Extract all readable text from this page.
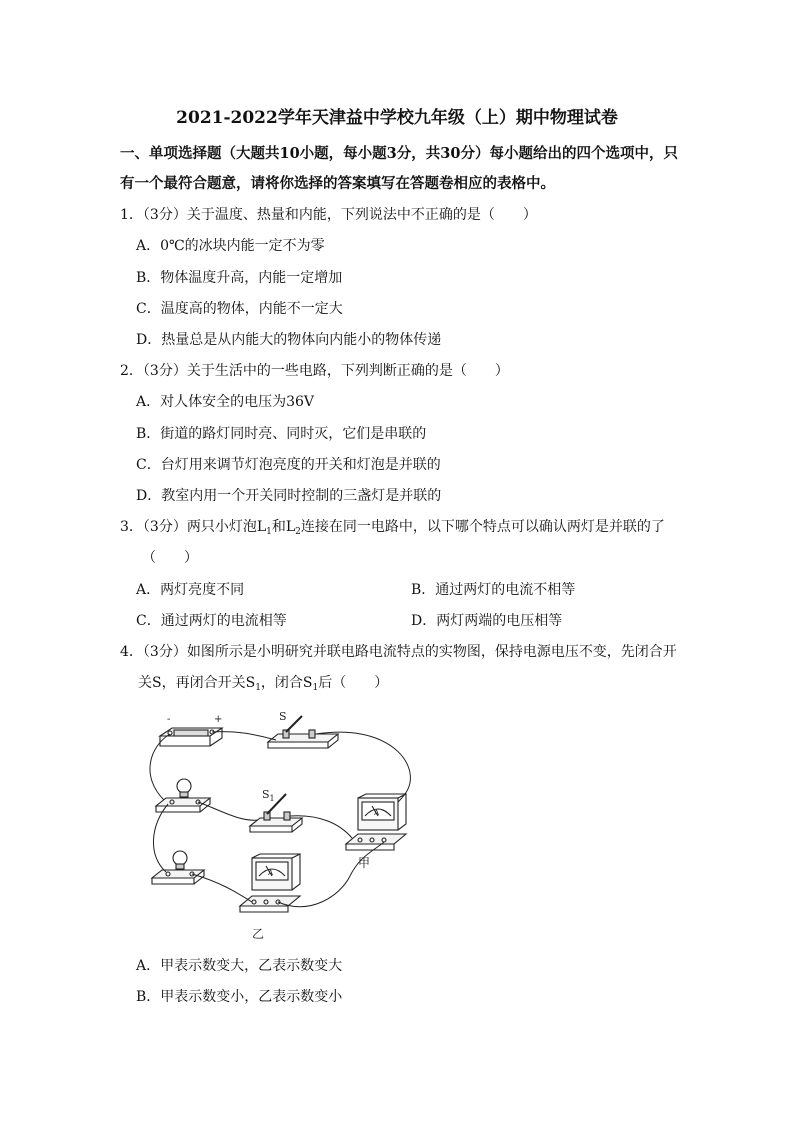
2021-2022学年天津益中学校九年级（上）期中物理试卷
一、单项选择题（大题共10小题，每小题3分，共30分）每小题给出的四个选项中，只
有一个最符合题意，请将你选择的答案填写在答题卷相应的表格中。
1．（3分）关于温度、热量和内能，下列说法中不正确的是（　　）
A．0℃的冰块内能一定不为零
B．物体温度升高，内能一定增加
C．温度高的物体，内能不一定大
D．热量总是从内能大的物体向内能小的物体传递
2．（3分）关于生活中的一些电路，下列判断正确的是（　　）
A．对人体安全的电压为36V
B．街道的路灯同时亮、同时灭，它们是串联的
C．台灯用来调节灯泡亮度的开关和灯泡是并联的
D．教室内用一个开关同时控制的三盏灯是并联的
3．（3分）两只小灯泡$L_1$和$L_2$连接在同一电路中，以下哪个特点可以确认两灯是并联的了
（　　）
A．两灯亮度不同	B．通过两灯的电流不相等
C．通过两灯的电流相等	D．两灯两端的电压相等
4．（3分）如图所示是小明研究并联电路电流特点的实物图，保持电源电压不变，先闭合开
关S，再闭合开关$S_1$，闭合$S_1$后（　　）
-	+	S
$S_1$
A
甲
A
乙
A．甲表示数变大，乙表示数变大
B．甲表示数变小，乙表示数变小
